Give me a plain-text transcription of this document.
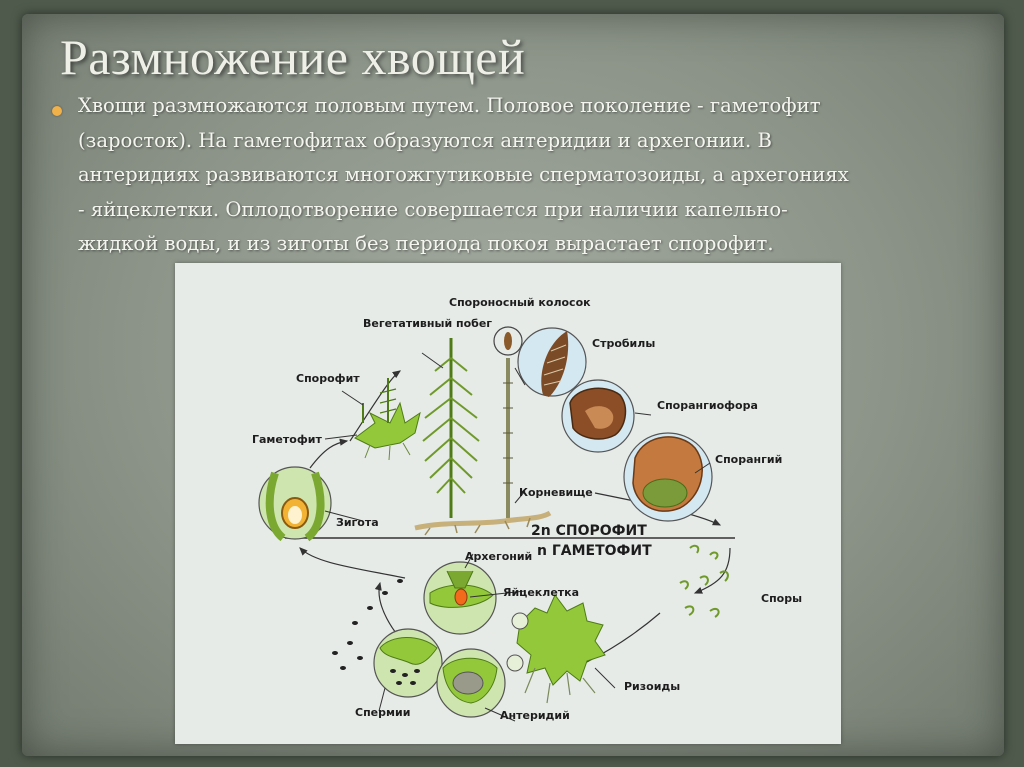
Размножение хвощей

Хвощи размножаются половым путем. Половое поколение - гаметофит
(заросток). На гаметофитах образуются антеридии и архегонии. В
антеридиях развиваются многожгутиковые сперматозоиды, а архегониях
- яйцеклетки. Оплодотворение совершается при наличии капельно-
жидкой воды, и из зиготы без периода покоя вырастает спорофит.

Спорофит
Гаметофит
Вегетативный побег
Спороносный колосок
Стробилы
Спорангиофора
Спорангий
Корневище
Зигота
2n СПОРОФИТ
n ГАМЕТОФИТ
Архегоний
Яйцеклетка	Споры
Ризоиды
Спермии	Антеридий
